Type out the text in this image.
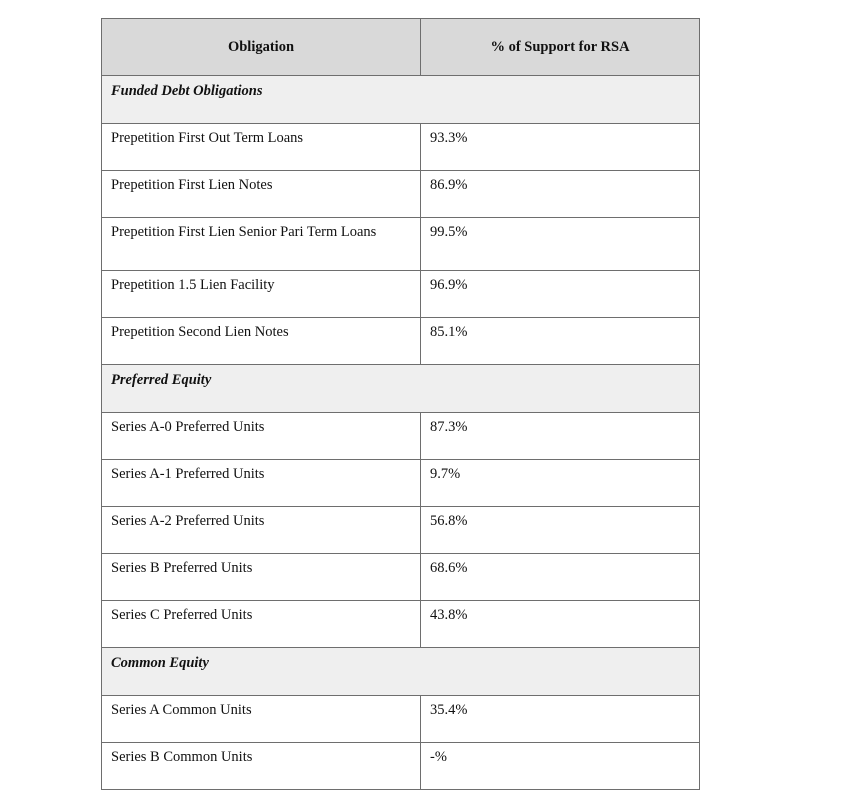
Obligation	% of Support for RSA
Funded Debt Obligations	
Prepetition First Out Term Loans	93.3%
Prepetition First Lien Notes	86.9%
Prepetition First Lien Senior Pari Term Loans	99.5%
Prepetition 1.5 Lien Facility	96.9%
Prepetition Second Lien Notes	85.1%
Preferred Equity	
Series A-0 Preferred Units	87.3%
Series A-1 Preferred Units	9.7%
Series A-2 Preferred Units	56.8%
Series B Preferred Units	68.6%
Series C Preferred Units	43.8%
Common Equity	
Series A Common Units	35.4%
Series B Common Units	-%
